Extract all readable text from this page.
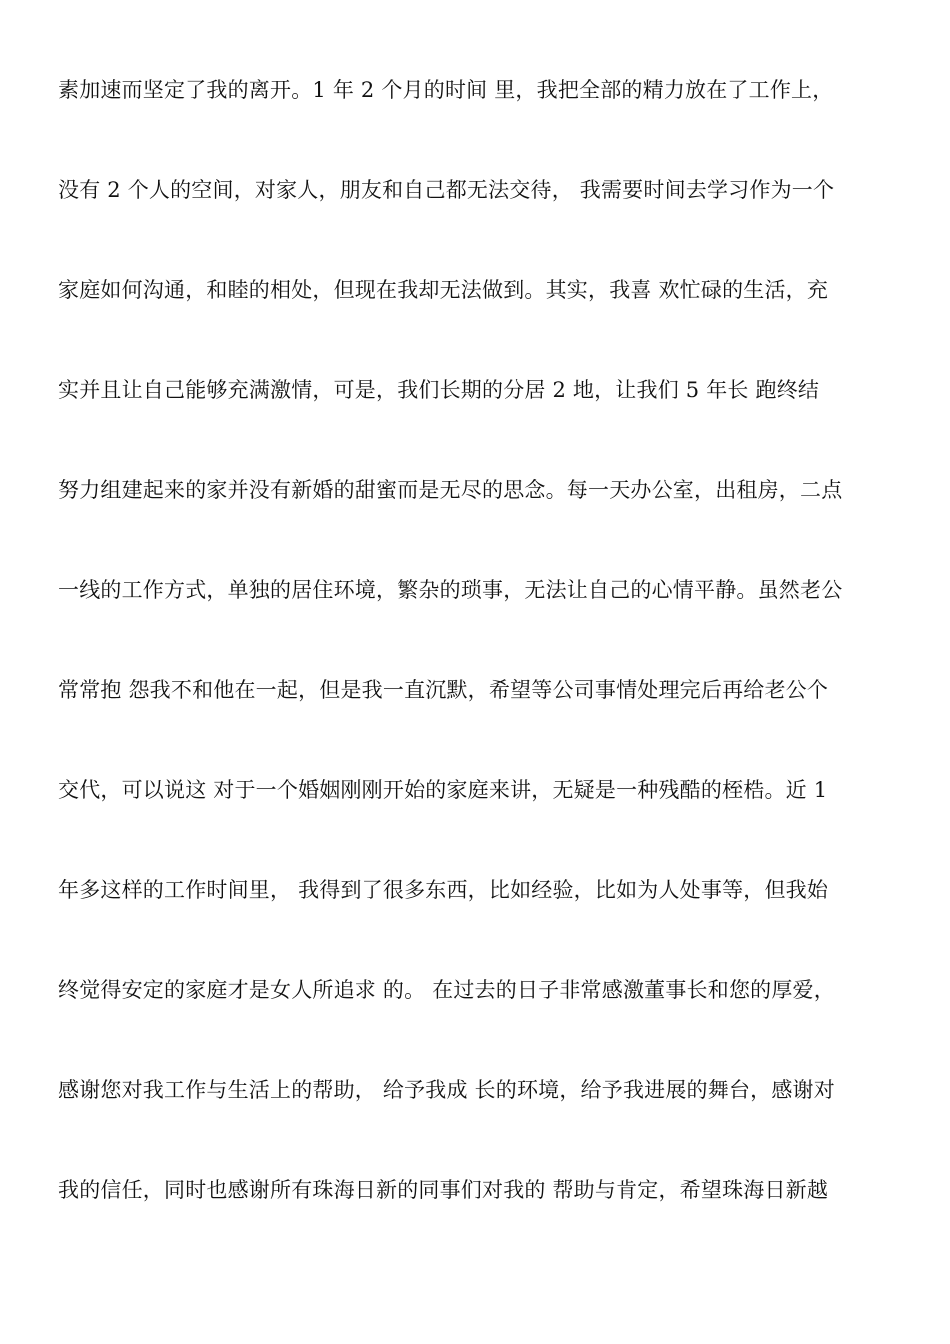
素加速而坚定了我的离开。1 年 2 个月的时间 里，我把全部的精力放在了工作上，
没有 2 个人的空间，对家人，朋友和自己都无法交待， 我需要时间去学习作为一个
家庭如何沟通，和睦的相处，但现在我却无法做到。其实，我喜 欢忙碌的生活，充
实并且让自己能够充满激情，可是，我们长期的分居 2 地，让我们 5 年长 跑终结
努力组建起来的家并没有新婚的甜蜜而是无尽的思念。每一天办公室，出租房，二点
一线的工作方式，单独的居住环境，繁杂的琐事，无法让自己的心情平静。虽然老公
常常抱 怨我不和他在一起，但是我一直沉默，希望等公司事情处理完后再给老公个
交代，可以说这 对于一个婚姻刚刚开始的家庭来讲，无疑是一种残酷的桎梏。近 1
年多这样的工作时间里， 我得到了很多东西，比如经验，比如为人处事等，但我始
终觉得安定的家庭才是女人所追求 的。 在过去的日子非常感激董事长和您的厚爱，
感谢您对我工作与生活上的帮助， 给予我成 长的环境，给予我进展的舞台，感谢对
我的信任，同时也感谢所有珠海日新的同事们对我的 帮助与肯定，希望珠海日新越
